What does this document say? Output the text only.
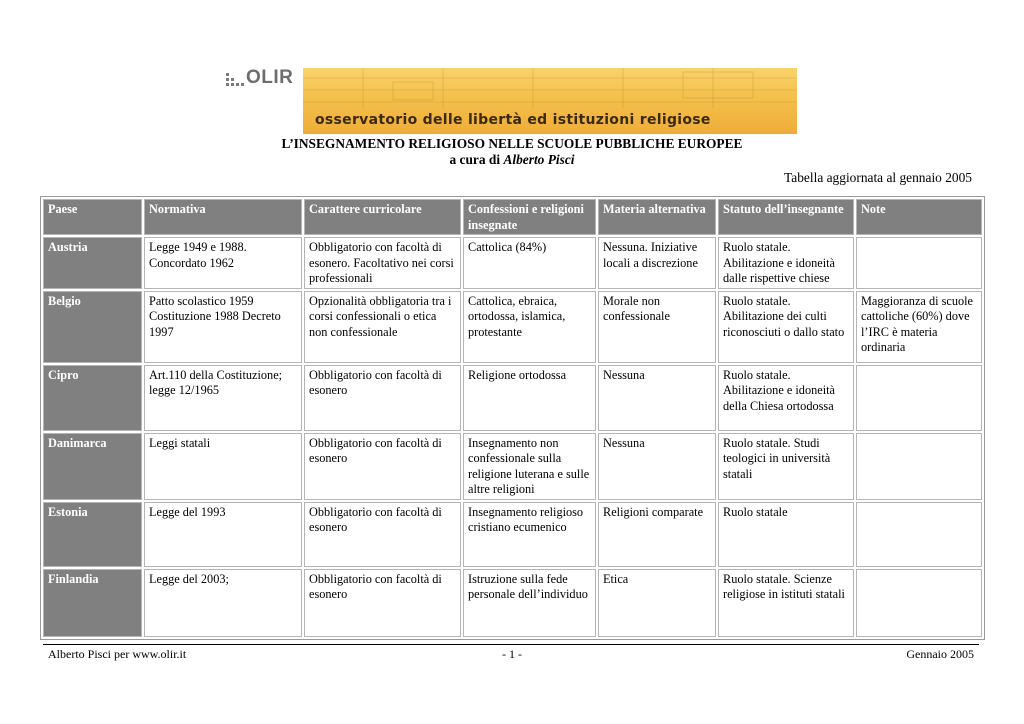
OLIR
osservatorio delle libertà ed istituzioni religiose
L’INSEGNAMENTO RELIGIOSO NELLE SCUOLE PUBBLICHE EUROPEE
a cura di Alberto Pisci
Tabella aggiornata al gennaio 2005
Paese	Normativa	Carattere curricolare	Confessioni e religioni insegnate	Materia alternativa	Statuto dell’insegnante	Note
Austria	Legge 1949 e 1988. Concordato 1962	Obbligatorio con facoltà di esonero. Facoltativo nei corsi professionali	Cattolica (84%)	Nessuna. Iniziative locali a discrezione	Ruolo statale. Abilitazione e idoneità dalle rispettive chiese	
Belgio	Patto scolastico 1959 Costituzione 1988 Decreto 1997	Opzionalità obbligatoria tra i corsi confessionali o etica non confessionale	Cattolica, ebraica, ortodossa, islamica, protestante	Morale non confessionale	Ruolo statale. Abilitazione dei culti riconosciuti o dallo stato	Maggioranza di scuole cattoliche (60%) dove l’IRC è materia ordinaria
Cipro	Art.110 della Costituzione; legge 12/1965	Obbligatorio con facoltà di esonero	Religione ortodossa	Nessuna	Ruolo statale. Abilitazione e idoneità della Chiesa ortodossa	
Danimarca	Leggi statali	Obbligatorio con facoltà di esonero	Insegnamento non confessionale sulla religione luterana e sulle altre religioni	Nessuna	Ruolo statale. Studi teologici in università statali	
Estonia	Legge del 1993	Obbligatorio con facoltà di esonero	Insegnamento religioso cristiano ecumenico	Religioni comparate	Ruolo statale	
Finlandia	Legge del 2003;	Obbligatorio con facoltà di esonero	Istruzione sulla fede personale dell’individuo	Etica	Ruolo statale. Scienze religiose in istituti statali	
Alberto Pisci per www.olir.it	- 1 -	Gennaio 2005
